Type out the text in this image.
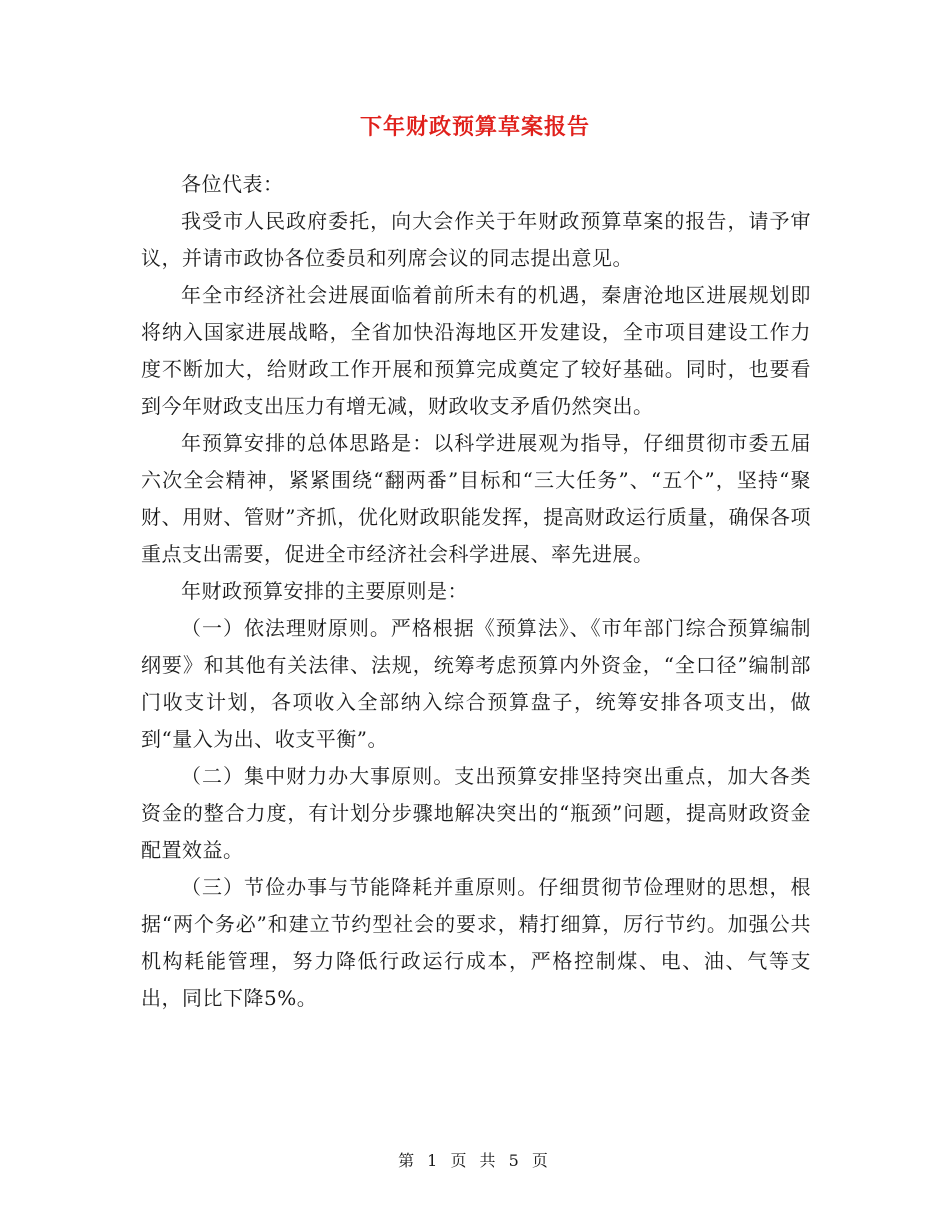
下年财政预算草案报告

各位代表：

我受市人民政府委托，向大会作关于年财政预算草案的报告，请予审议，并请市政协各位委员和列席会议的同志提出意见。

年全市经济社会进展面临着前所未有的机遇，秦唐沧地区进展规划即将纳入国家进展战略，全省加快沿海地区开发建设，全市项目建设工作力度不断加大，给财政工作开展和预算完成奠定了较好基础。同时，也要看到今年财政支出压力有增无减，财政收支矛盾仍然突出。

年预算安排的总体思路是：以科学进展观为指导，仔细贯彻市委五届六次全会精神，紧紧围绕“翻两番”目标和“三大任务”、“五个”，坚持“聚财、用财、管财”齐抓，优化财政职能发挥，提高财政运行质量，确保各项重点支出需要，促进全市经济社会科学进展、率先进展。

年财政预算安排的主要原则是：

（一）依法理财原则。严格根据《预算法》、《市年部门综合预算编制纲要》和其他有关法律、法规，统筹考虑预算内外资金，“全口径”编制部门收支计划，各项收入全部纳入综合预算盘子，统筹安排各项支出，做到“量入为出、收支平衡”。

（二）集中财力办大事原则。支出预算安排坚持突出重点，加大各类资金的整合力度，有计划分步骤地解决突出的“瓶颈”问题，提高财政资金配置效益。

（三）节俭办事与节能降耗并重原则。仔细贯彻节俭理财的思想，根据“两个务必”和建立节约型社会的要求，精打细算，厉行节约。加强公共机构耗能管理，努力降低行政运行成本，严格控制煤、电、油、气等支出，同比下降5%。

第 1 页 共 5 页
